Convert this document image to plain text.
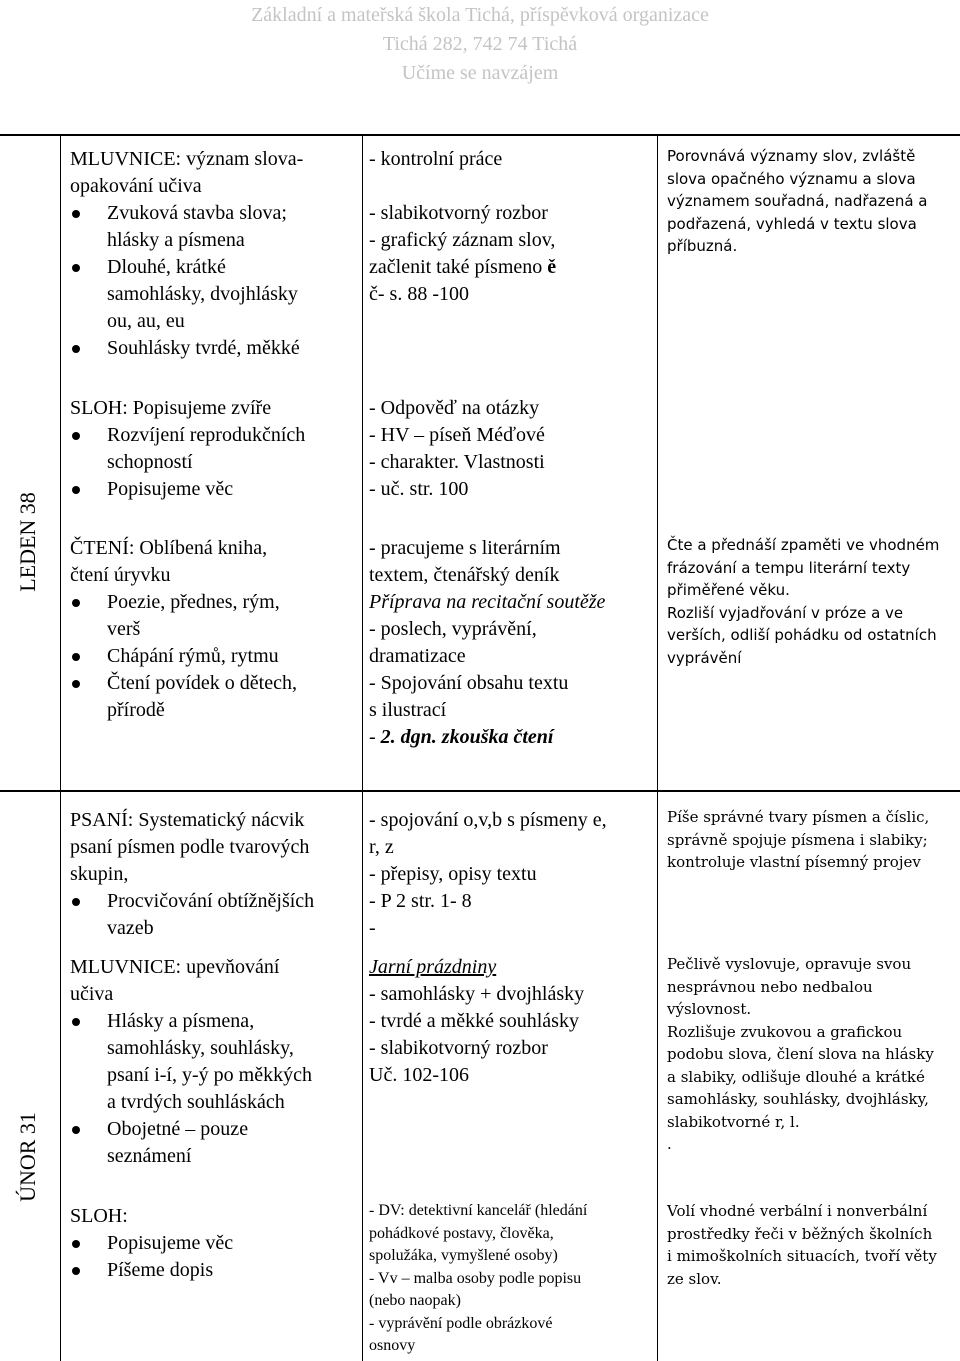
Základní a mateřská škola Tichá, příspěvková organizace
Tichá 282, 742 74 Tichá
Učíme se navzájem
LEDEN 38
ÚNOR 31
MLUVNICE: význam slova-
opakování učiva
Zvuková stavba slova;
hlásky a písmena
Dlouhé, krátké
samohlásky, dvojhlásky
ou, au, eu
Souhlásky tvrdé, měkké
- kontrolní práce
- slabikotvorný rozbor
- grafický záznam slov,
začlenit také písmeno ě
č- s. 88 -100
Porovnává významy slov, zvláště
slova opačného významu a slova
významem souřadná, nadřazená a
podřazená, vyhledá v textu slova
příbuzná.
SLOH: Popisujeme zvíře
Rozvíjení reprodukčních
schopností
Popisujeme věc
- Odpověď na otázky
- HV – píseň Méďové
- charakter. Vlastnosti
- uč. str. 100
ČTENÍ: Oblíbená kniha,
čtení úryvku
Poezie, přednes, rým,
verš
Chápání rýmů, rytmu
Čtení povídek o dětech,
přírodě
- pracujeme s literárním
textem, čtenářský deník
Příprava na recitační soutěže
- poslech, vyprávění,
dramatizace
- Spojování obsahu textu
s ilustrací
- 2. dgn. zkouška čtení
Čte a přednáší zpaměti ve vhodném
frázování a tempu literární texty
přiměřené věku.
Rozliší vyjadřování v próze a ve
verších, odliší pohádku od ostatních
vyprávění
PSANÍ: Systematický nácvik
psaní písmen podle tvarových
skupin,
Procvičování obtížnějších
vazeb
- spojování o,v,b s písmeny e,
r, z
- přepisy, opisy textu
- P 2 str. 1- 8
-
Píše správné tvary písmen a číslic,
správně spojuje písmena i slabiky;
kontroluje vlastní písemný projev
MLUVNICE: upevňování
učiva
Hlásky a písmena,
samohlásky, souhlásky,
psaní i-í, y-ý po měkkých
a tvrdých souhláskách
Obojetné – pouze
seznámení
Jarní prázdniny
- samohlásky + dvojhlásky
- tvrdé a měkké souhlásky
- slabikotvorný rozbor
Uč. 102-106
Pečlivě vyslovuje, opravuje svou
nesprávnou nebo nedbalou
výslovnost.
Rozlišuje zvukovou a grafickou
podobu slova, člení slova na hlásky
a slabiky, odlišuje dlouhé a krátké
samohlásky, souhlásky, dvojhlásky,
slabikotvorné r, l.
.
SLOH:
Popisujeme věc
Píšeme dopis
- DV: detektivní kancelář (hledání
pohádkové postavy, člověka,
spolužáka, vymyšlené osoby)
- Vv – malba osoby podle popisu
(nebo naopak)
- vyprávění podle obrázkové
osnovy
Volí vhodné verbální i nonverbální
prostředky řeči v běžných školních
i mimoškolních situacích, tvoří věty
ze slov.
